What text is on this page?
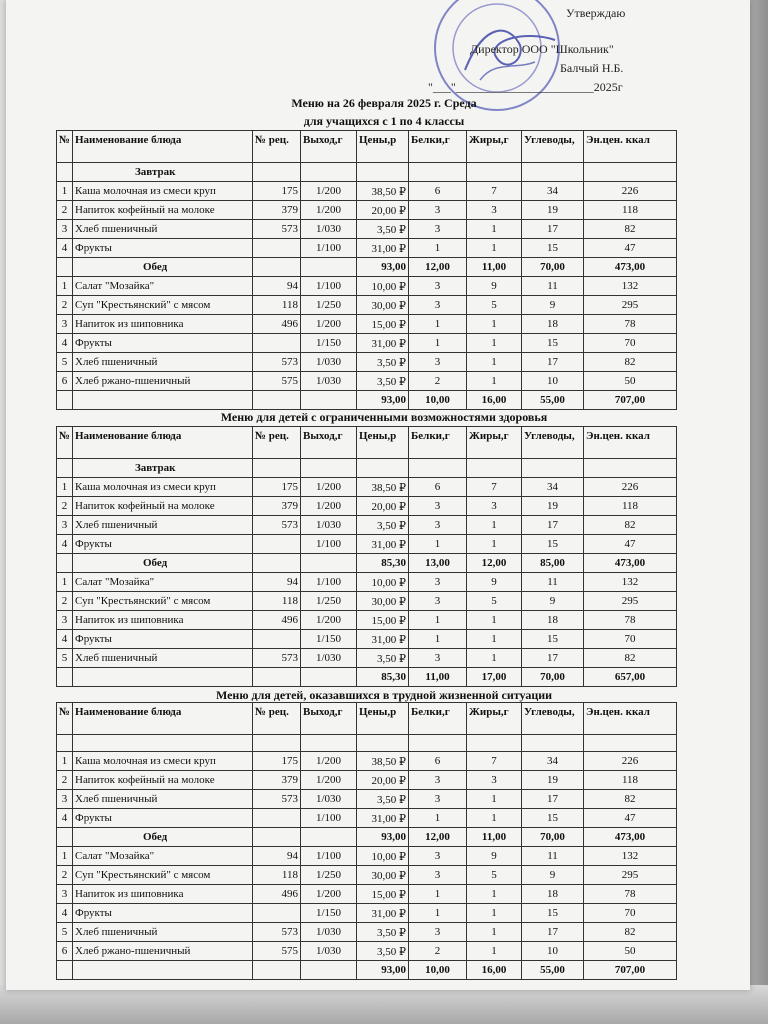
Утверждаю
Директор ООО "Школьник"
Балчый Н.Б.
"___"_______________________2025г
Меню на 26 февраля 2025 г. Среда
для учащихся с 1 по 4 классы
№	Наименование блюда	№ рец.	Выход,г	Цены,р	Белки,г	Жиры,г	Углеводы,	Эн.цен. ккал
	Завтрак							
1	Каша молочная из смеси круп	175	1/200	38,50 ₽	6	7	34	226
2	Напиток кофейный на молоке	379	1/200	20,00 ₽	3	3	19	118
3	Хлеб пшеничный	573	1/030	3,50 ₽	3	1	17	82
4	Фрукты		1/100	31,00 ₽	1	1	15	47
	Обед			93,00	12,00	11,00	70,00	473,00
1	Салат "Мозайка"	94	1/100	10,00 ₽	3	9	11	132
2	Суп "Крестьянский" с мясом	118	1/250	30,00 ₽	3	5	9	295
3	Напиток из шиповника	496	1/200	15,00 ₽	1	1	18	78
4	Фрукты		1/150	31,00 ₽	1	1	15	70
5	Хлеб пшеничный	573	1/030	3,50 ₽	3	1	17	82
6	Хлеб ржано-пшеничный	575	1/030	3,50 ₽	2	1	10	50
				93,00	10,00	16,00	55,00	707,00
Меню для детей с ограниченными возможностями здоровья
№	Наименование блюда	№ рец.	Выход,г	Цены,р	Белки,г	Жиры,г	Углеводы,	Эн.цен. ккал
	Завтрак							
1	Каша молочная из смеси круп	175	1/200	38,50 ₽	6	7	34	226
2	Напиток кофейный на молоке	379	1/200	20,00 ₽	3	3	19	118
3	Хлеб пшеничный	573	1/030	3,50 ₽	3	1	17	82
4	Фрукты		1/100	31,00 ₽	1	1	15	47
	Обед			85,30	13,00	12,00	85,00	473,00
1	Салат "Мозайка"	94	1/100	10,00 ₽	3	9	11	132
2	Суп "Крестьянский" с мясом	118	1/250	30,00 ₽	3	5	9	295
3	Напиток из шиповника	496	1/200	15,00 ₽	1	1	18	78
4	Фрукты		1/150	31,00 ₽	1	1	15	70
5	Хлеб пшеничный	573	1/030	3,50 ₽	3	1	17	82
				85,30	11,00	17,00	70,00	657,00
Меню для детей, оказавшихся в трудной жизненной ситуации
№	Наименование блюда	№ рец.	Выход,г	Цены,р	Белки,г	Жиры,г	Углеводы,	Эн.цен. ккал

1	Каша молочная из смеси круп	175	1/200	38,50 ₽	6	7	34	226
2	Напиток кофейный на молоке	379	1/200	20,00 ₽	3	3	19	118
3	Хлеб пшеничный	573	1/030	3,50 ₽	3	1	17	82
4	Фрукты		1/100	31,00 ₽	1	1	15	47
	Обед			93,00	12,00	11,00	70,00	473,00
1	Салат "Мозайка"	94	1/100	10,00 ₽	3	9	11	132
2	Суп "Крестьянский" с мясом	118	1/250	30,00 ₽	3	5	9	295
3	Напиток из шиповника	496	1/200	15,00 ₽	1	1	18	78
4	Фрукты		1/150	31,00 ₽	1	1	15	70
5	Хлеб пшеничный	573	1/030	3,50 ₽	3	1	17	82
6	Хлеб ржано-пшеничный	575	1/030	3,50 ₽	2	1	10	50
				93,00	10,00	16,00	55,00	707,00
